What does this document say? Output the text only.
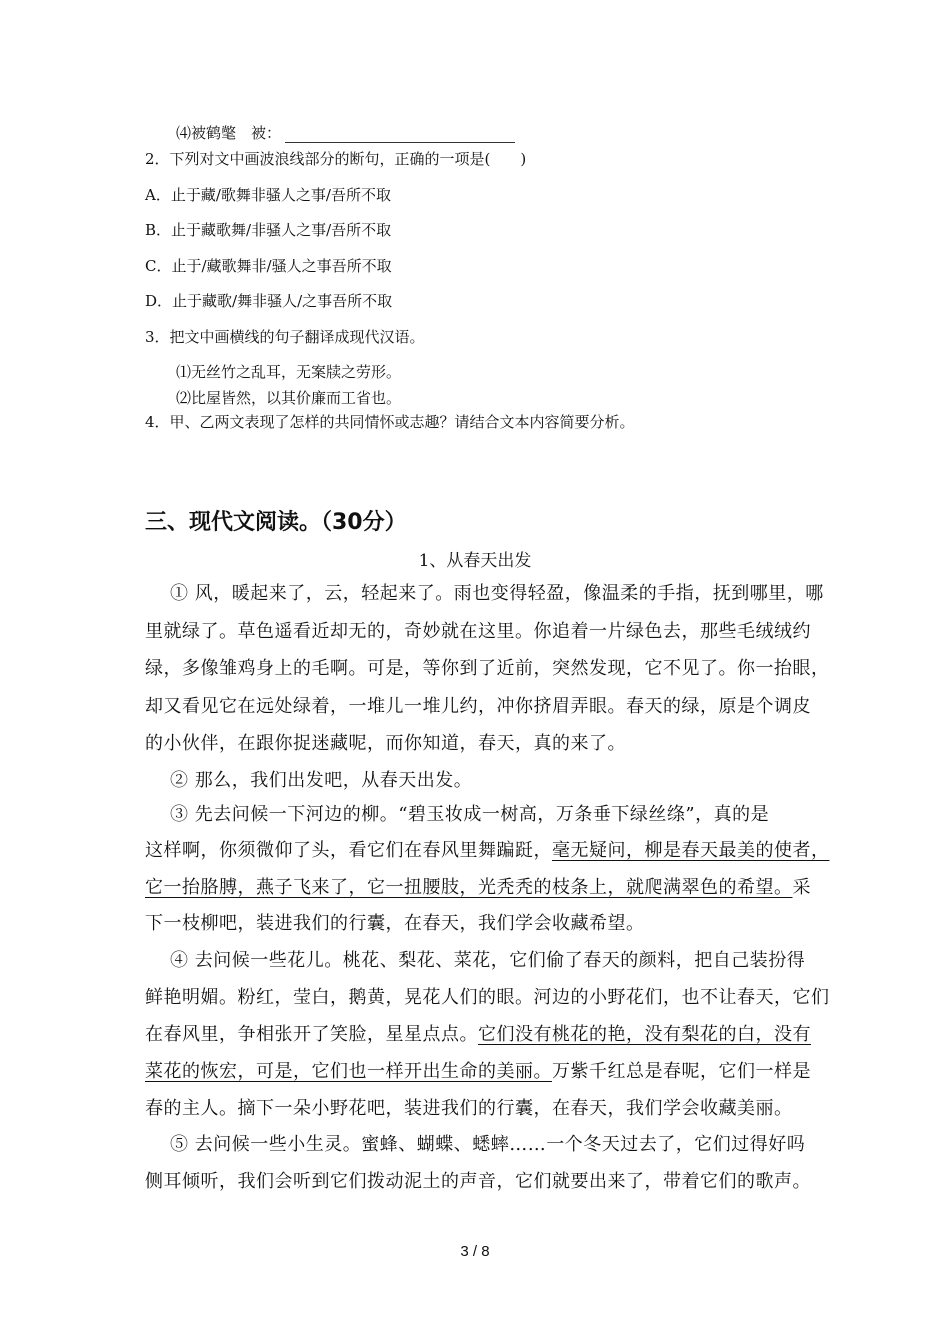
⑷被鹤氅　被：
2．下列对文中画波浪线部分的断句，正确的一项是(　　)
A．止于藏/歌舞非骚人之事/吾所不取
B．止于藏歌舞/非骚人之事/吾所不取
C．止于/藏歌舞非/骚人之事吾所不取
D．止于藏歌/舞非骚人/之事吾所不取
3．把文中画横线的句子翻译成现代汉语。
⑴无丝竹之乱耳，无案牍之劳形。
⑵比屋皆然，以其价廉而工省也。
4．甲、乙两文表现了怎样的共同情怀或志趣？请结合文本内容简要分析。
三、现代文阅读。（30分）
1、从春天出发
① 风，暖起来了，云，轻起来了。雨也变得轻盈，像温柔的手指，抚到哪里，哪
里就绿了。草色遥看近却无的，奇妙就在这里。你追着一片绿色去，那些毛绒绒约
绿，多像雏鸡身上的毛啊。可是，等你到了近前，突然发现，它不见了。你一抬眼，
却又看见它在远处绿着，一堆儿一堆儿约，冲你挤眉弄眼。春天的绿，原是个调皮
的小伙伴，在跟你捉迷藏呢，而你知道，春天，真的来了。
② 那么，我们出发吧，从春天出发。
③ 先去问候一下河边的柳。“碧玉妆成一树高，万条垂下绿丝绦”，真的是
这样啊，你须微仰了头，看它们在春风里舞蹁跹，毫无疑问，柳是春天最美的使者，
它一抬胳膊，燕子飞来了，它一扭腰肢，光秃秃的枝条上，就爬满翠色的希望。采
下一枝柳吧，装进我们的行囊，在春天，我们学会收藏希望。
④ 去问候一些花儿。桃花、梨花、菜花，它们偷了春天的颜料，把自己装扮得
鲜艳明媚。粉红，莹白，鹅黄，晃花人们的眼。河边的小野花们，也不让春天，它们
在春风里，争相张开了笑脸，星星点点。它们没有桃花的艳，没有梨花的白，没有
菜花的恢宏，可是，它们也一样开出生命的美丽。万紫千红总是春呢，它们一样是
春的主人。摘下一朵小野花吧，装进我们的行囊，在春天，我们学会收藏美丽。
⑤ 去问候一些小生灵。蜜蜂、蝴蝶、蟋蟀……一个冬天过去了，它们过得好吗
侧耳倾听，我们会听到它们拨动泥土的声音，它们就要出来了，带着它们的歌声。
3 / 8
